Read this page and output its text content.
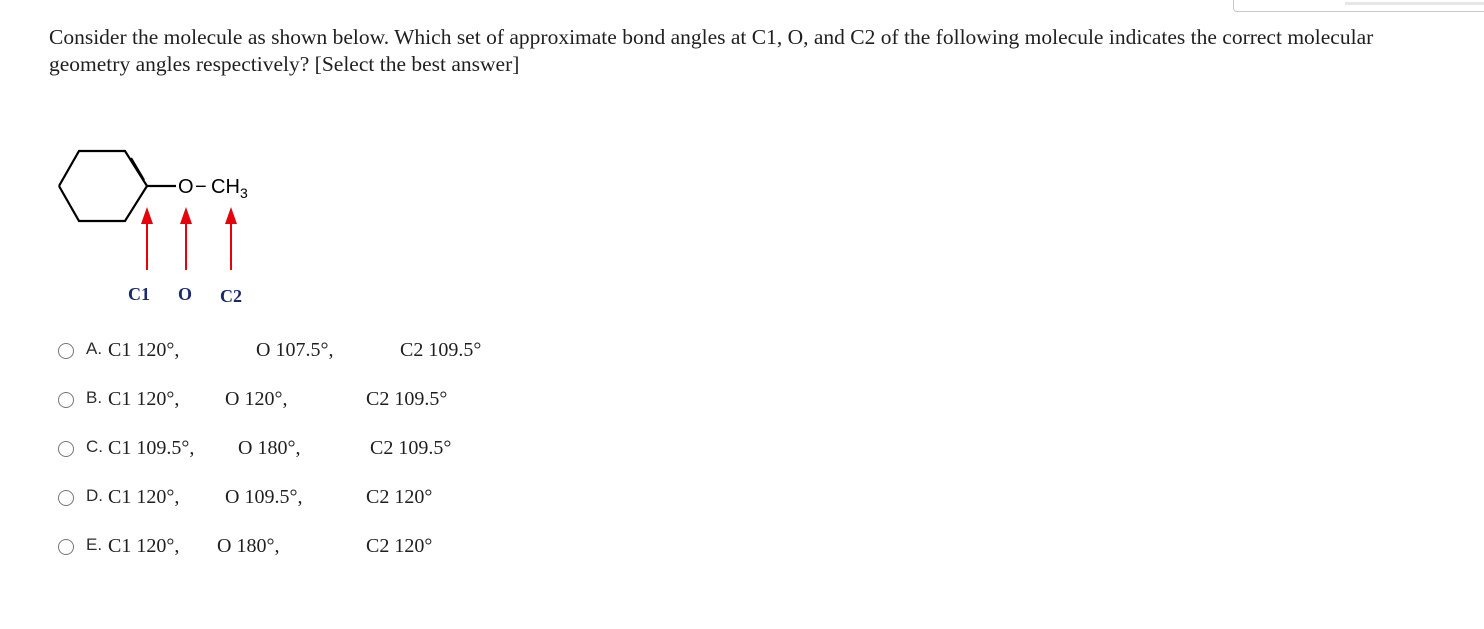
Consider the molecule as shown below. Which set of approximate bond angles at C1, O, and C2 of the following molecule indicates the correct molecular geometry angles respectively? [Select the best answer]

O − CH 3
C1 O C2
A. C1 120°,	O 107.5°,	C2 109.5°
B. C1 120°, O 120°,	C2 109.5°
C. C1 109.5°, O 180°,	C2 109.5°
D. C1 120°, O 109.5°,	C2 120°
E. C1 120°, O 180°,	C2 120°
